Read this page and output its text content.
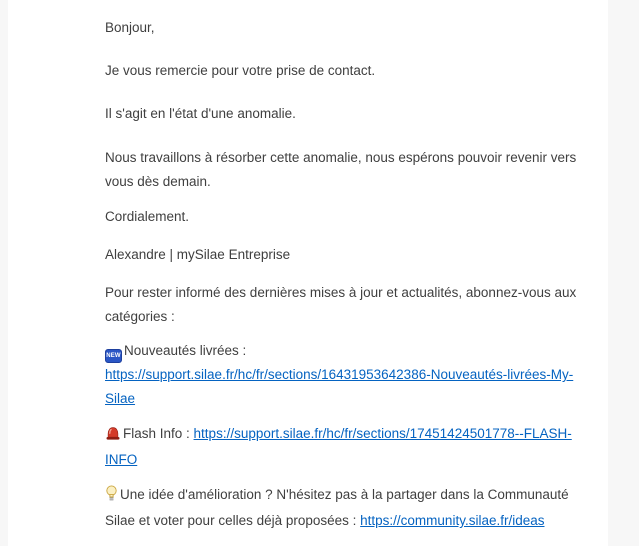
Bonjour,

Je vous remercie pour votre prise de contact.

Il s'agit en l'état d'une anomalie.

Nous travaillons à résorber cette anomalie, nous espérons pouvoir revenir vers vous dès demain.

Cordialement.

Alexandre | mySilae Entreprise

Pour rester informé des dernières mises à jour et actualités, abonnez-vous aux catégories :

NEW Nouveautés livrées :
https://support.silae.fr/hc/fr/sections/16431953642386-Nouveautés-livrées-My-Silae

Flash Info : https://support.silae.fr/hc/fr/sections/17451424501778--FLASH-INFO

Une idée d'amélioration ? N'hésitez pas à la partager dans la Communauté Silae et voter pour celles déjà proposées : https://community.silae.fr/ideas
